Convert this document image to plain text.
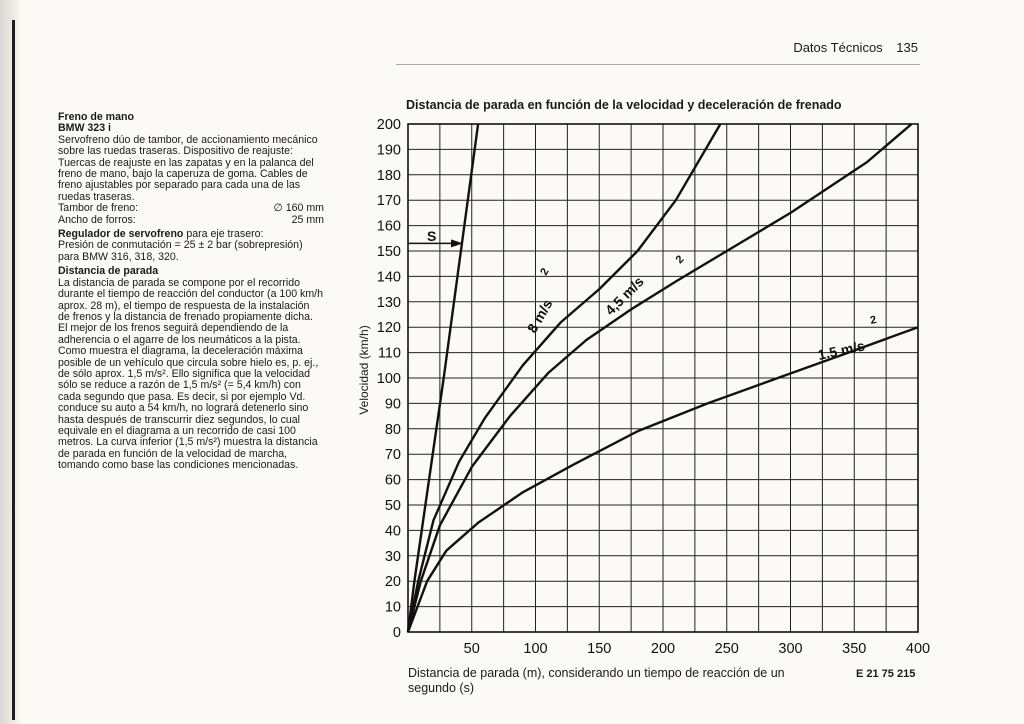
Datos Técnicos 135

Freno de mano

BMW 323 i

Servofreno dúo de tambor, de accionamiento mecánico sobre las ruedas traseras. Dispositivo de reajuste: Tuercas de reajuste en las zapatas y en la palanca del freno de mano, bajo la caperuza de goma. Cables de freno ajustables por separado para cada una de las ruedas traseras.

Tambor de freno:	∅ 160 mm
Ancho de forros:	25 mm

Regulador de servofreno para eje trasero:

Presión de conmutación = 25 ± 2 bar (sobrepresión) para BMW 316, 318, 320.

Distancia de parada

La distancia de parada se compone por el recorrido durante el tiempo de reacción del conductor (a 100 km/h aprox. 28 m), el tiempo de respuesta de la instalación de frenos y la distancia de frenado propiamente dicha.

El mejor de los frenos seguirá dependiendo de la adherencia o el agarre de los neumáticos a la pista. Como muestra el diagrama, la deceleración máxima posible de un vehículo que circula sobre hielo es, p. ej., de sólo aprox. 1,5 m/s². Ello significa que la velocidad sólo se reduce a razón de 1,5 m/s² (= 5,4 km/h) con cada segundo que pasa. Es decir, si por ejemplo Vd. conduce su auto a 54 km/h, no logrará detenerlo sino hasta después de transcurrir diez segundos, lo cual equivale en el diagrama a un recorrido de casi 100 metros. La curva inferior (1,5 m/s²) muestra la distancia de parada en función de la velocidad de marcha, tomando como base las condiciones mencionadas.

Distancia de parada en función de la velocidad y deceleración de frenado
Velocidad (km/h)
Distancia de parada (m), considerando un tiempo de reacción de un segundo (s)
E 21 75 215
0
10
20
30
40
50
60
70
80
90
100
110
120
130
140
150
160
170
180
190
200
50	100	150	200	250	300	350	400
S
2
8 m/s
2
4,5 m/s
2
1,5 m/s
